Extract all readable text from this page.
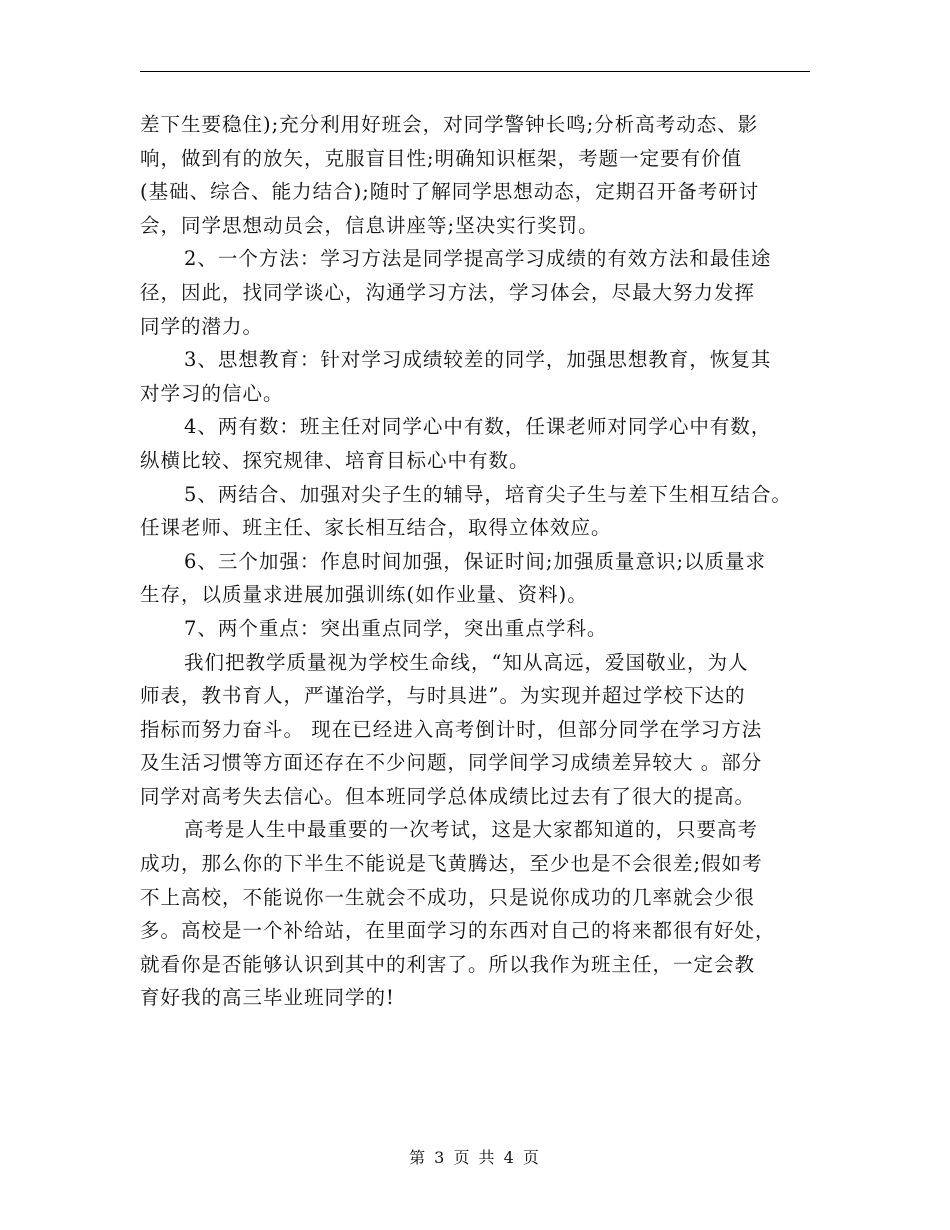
差下生要稳住);充分利用好班会，对同学警钟长鸣;分析高考动态、影
响，做到有的放矢，克服盲目性;明确知识框架，考题一定要有价值
(基础、综合、能力结合);随时了解同学思想动态，定期召开备考研讨
会，同学思想动员会，信息讲座等;坚决实行奖罚。
2、一个方法：学习方法是同学提高学习成绩的有效方法和最佳途
径，因此，找同学谈心，沟通学习方法，学习体会，尽最大努力发挥
同学的潜力。
3、思想教育：针对学习成绩较差的同学，加强思想教育，恢复其
对学习的信心。
4、两有数：班主任对同学心中有数，任课老师对同学心中有数，
纵横比较、探究规律、培育目标心中有数。
5、两结合、加强对尖子生的辅导，培育尖子生与差下生相互结合。
任课老师、班主任、家长相互结合，取得立体效应。
6、三个加强：作息时间加强，保证时间;加强质量意识;以质量求
生存，以质量求进展加强训练(如作业量、资料)。
7、两个重点：突出重点同学，突出重点学科。
我们把教学质量视为学校生命线，“知从高远，爱国敬业，为人
师表，教书育人，严谨治学，与时具进”。为实现并超过学校下达的
指标而努力奋斗。 现在已经进入高考倒计时，但部分同学在学习方法
及生活习惯等方面还存在不少问题，同学间学习成绩差异较大 。部分
同学对高考失去信心。但本班同学总体成绩比过去有了很大的提高。
高考是人生中最重要的一次考试，这是大家都知道的，只要高考
成功，那么你的下半生不能说是飞黄腾达，至少也是不会很差;假如考
不上高校，不能说你一生就会不成功，只是说你成功的几率就会少很
多。高校是一个补给站，在里面学习的东西对自己的将来都很有好处，
就看你是否能够认识到其中的利害了。所以我作为班主任，一定会教
育好我的高三毕业班同学的!
第 3 页 共 4 页
